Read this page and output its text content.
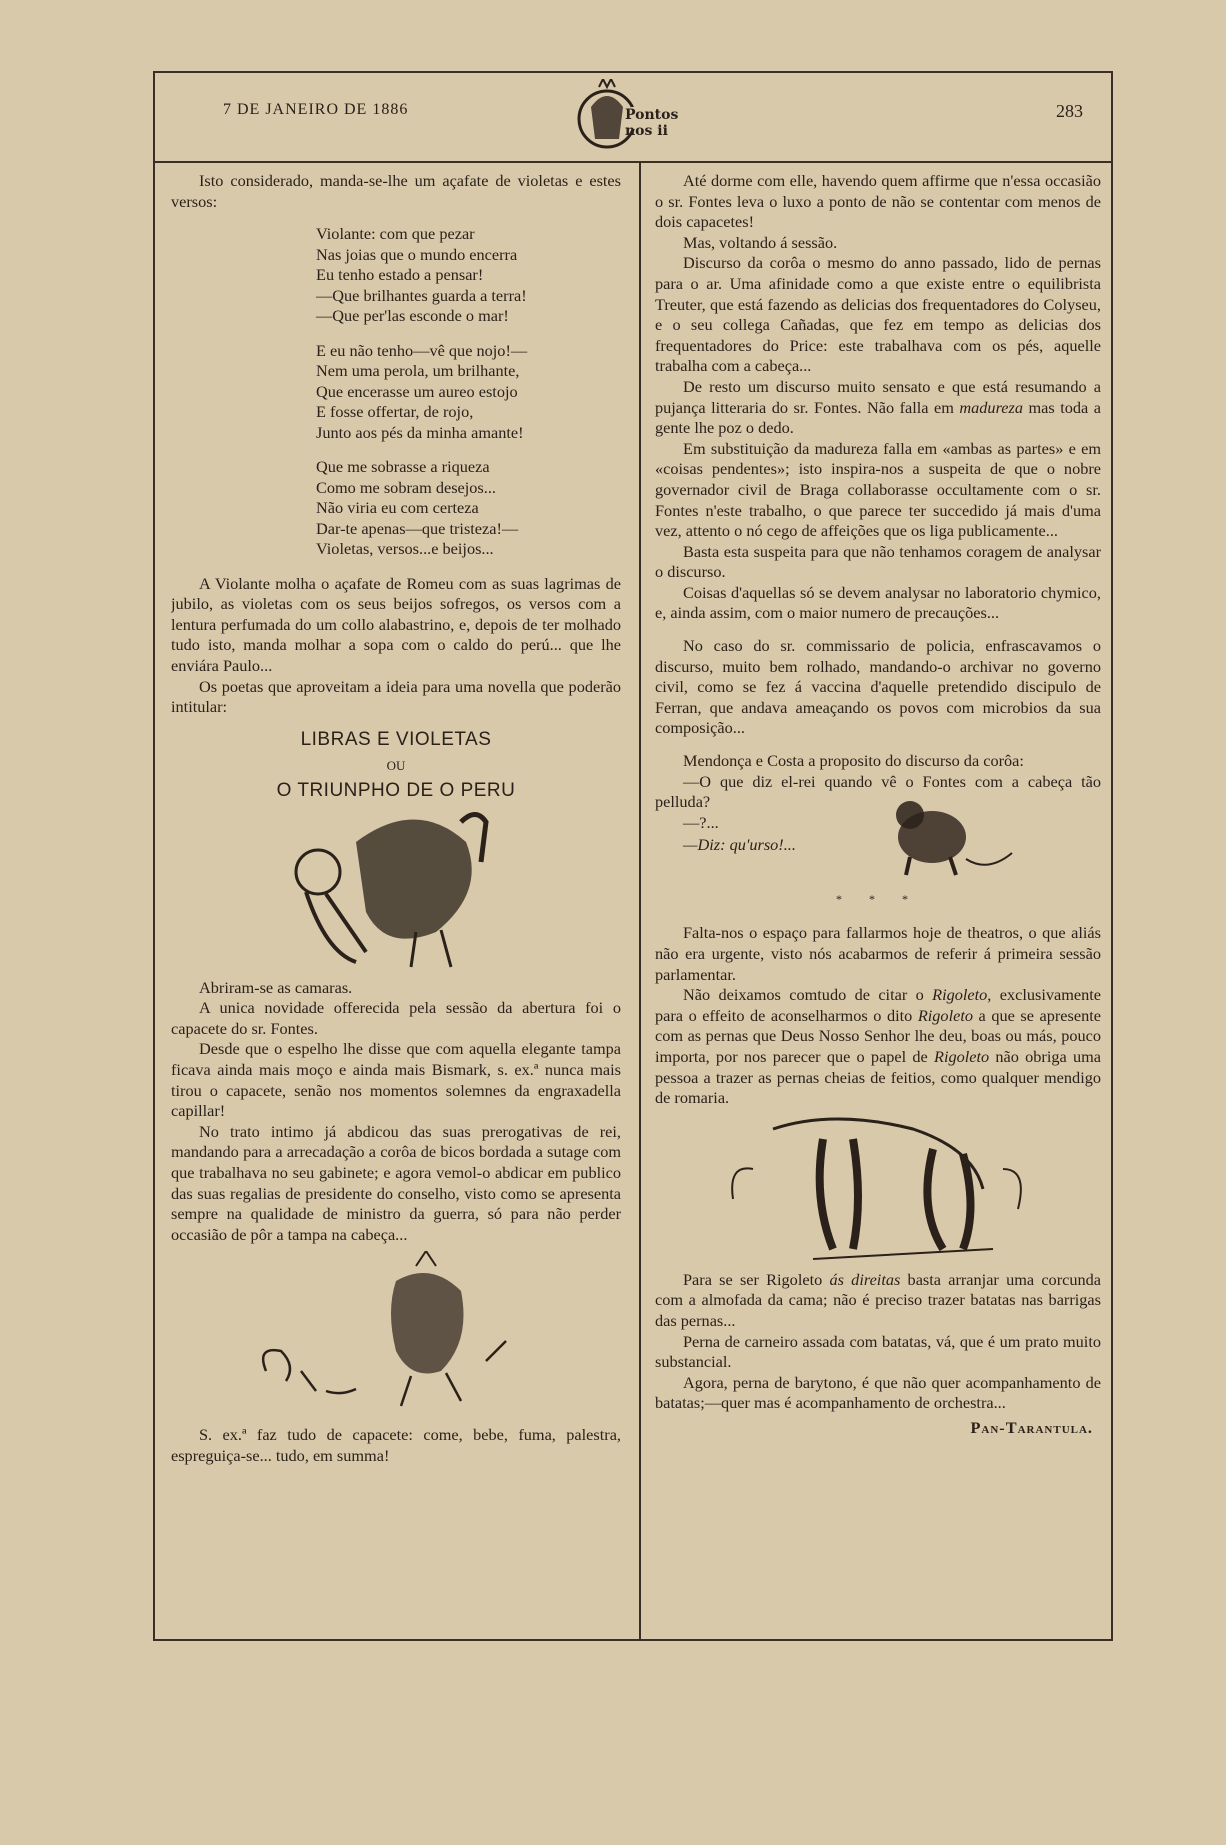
7 DE JANEIRO DE 1886	Pontos nos ii
283

Isto considerado, manda-se-lhe um açafate de violetas e estes versos:

Violante: com que pezar
Nas joias que o mundo encerra
Eu tenho estado a pensar!
—Que brilhantes guarda a terra!
—Que per'las esconde o mar!
E eu não tenho—vê que nojo!—
Nem uma perola, um brilhante,
Que encerasse um aureo estojo
E fosse offertar, de rojo,
Junto aos pés da minha amante!
Que me sobrasse a riqueza
Como me sobram desejos...
Não viria eu com certeza
Dar-te apenas—que tristeza!—
Violetas, versos...e beijos...

A Violante molha o açafate de Romeu com as suas lagrimas de jubilo, as violetas com os seus beijos sofregos, os versos com a lentura perfumada do um collo alabastrino, e, depois de ter molhado tudo isto, manda molhar a sopa com o caldo do perú... que lhe enviára Paulo...

Os poetas que aproveitam a ideia para uma novella que poderão intitular:

LIBRAS E VIOLETAS
OU
O TRIUNPHO DE O PERU

Abriram-se as camaras.

A unica novidade offerecida pela sessão da abertura foi o capacete do sr. Fontes.

Desde que o espelho lhe disse que com aquella elegante tampa ficava ainda mais moço e ainda mais Bismark, s. ex.ª nunca mais tirou o capacete, senão nos momentos solemnes da engraxadella capillar!

No trato intimo já abdicou das suas prerogativas de rei, mandando para a arrecadação a corôa de bicos bordada a sutage com que trabalhava no seu gabinete; e agora vemol-o abdicar em publico das suas regalias de presidente do conselho, visto como se apresenta sempre na qualidade de ministro da guerra, só para não perder occasião de pôr a tampa na cabeça...

S. ex.ª faz tudo de capacete: come, bebe, fuma, palestra, espreguiça-se... tudo, em summa!

Até dorme com elle, havendo quem affirme que n'essa occasião o sr. Fontes leva o luxo a ponto de não se contentar com menos de dois capacetes!

Mas, voltando á sessão.

Discurso da corôa o mesmo do anno passado, lido de pernas para o ar. Uma afinidade como a que existe entre o equilibrista Treuter, que está fazendo as delicias dos frequentadores do Colyseu, e o seu collega Cañadas, que fez em tempo as delicias dos frequentadores do Price: este trabalhava com os pés, aquelle trabalha com a cabeça...

De resto um discurso muito sensato e que está resumando a pujança litteraria do sr. Fontes. Não falla em madureza mas toda a gente lhe poz o dedo.

Em substituição da madureza falla em «ambas as partes» e em «coisas pendentes»; isto inspira-nos a suspeita de que o nobre governador civil de Braga collaborasse occultamente com o sr. Fontes n'este trabalho, o que parece ter succedido já mais d'uma vez, attento o nó cego de affeições que os liga publicamente...

Basta esta suspeita para que não tenhamos coragem de analysar o discurso.

Coisas d'aquellas só se devem analysar no laboratorio chymico, e, ainda assim, com o maior numero de precauções...

No caso do sr. commissario de policia, enfrascavamos o discurso, muito bem rolhado, mandando-o archivar no governo civil, como se fez á vaccina d'aquelle pretendido discipulo de Ferran, que andava ameaçando os povos com microbios da sua composição...

Mendonça e Costa a proposito do discurso da corôa:

—O que diz el-rei quando vê o Fontes com a cabeça tão pelluda?

—?...

—Diz: qu'urso!...

* * *

Falta-nos o espaço para fallarmos hoje de theatros, o que aliás não era urgente, visto nós acabarmos de referir á primeira sessão parlamentar.

Não deixamos comtudo de citar o Rigoleto, exclusivamente para o effeito de aconselharmos o dito Rigoleto a que se apresente com as pernas que Deus Nosso Senhor lhe deu, boas ou más, pouco importa, por nos parecer que o papel de Rigoleto não obriga uma pessoa a trazer as pernas cheias de feitios, como qualquer mendigo de romaria.

Para se ser Rigoleto ás direitas basta arranjar uma corcunda com a almofada da cama; não é preciso trazer batatas nas barrigas das pernas...

Perna de carneiro assada com batatas, vá, que é um prato muito substancial.

Agora, perna de barytono, é que não quer acompanhamento de batatas;—quer mas é acompanhamento de orchestra...

Pan-Tarantula.
